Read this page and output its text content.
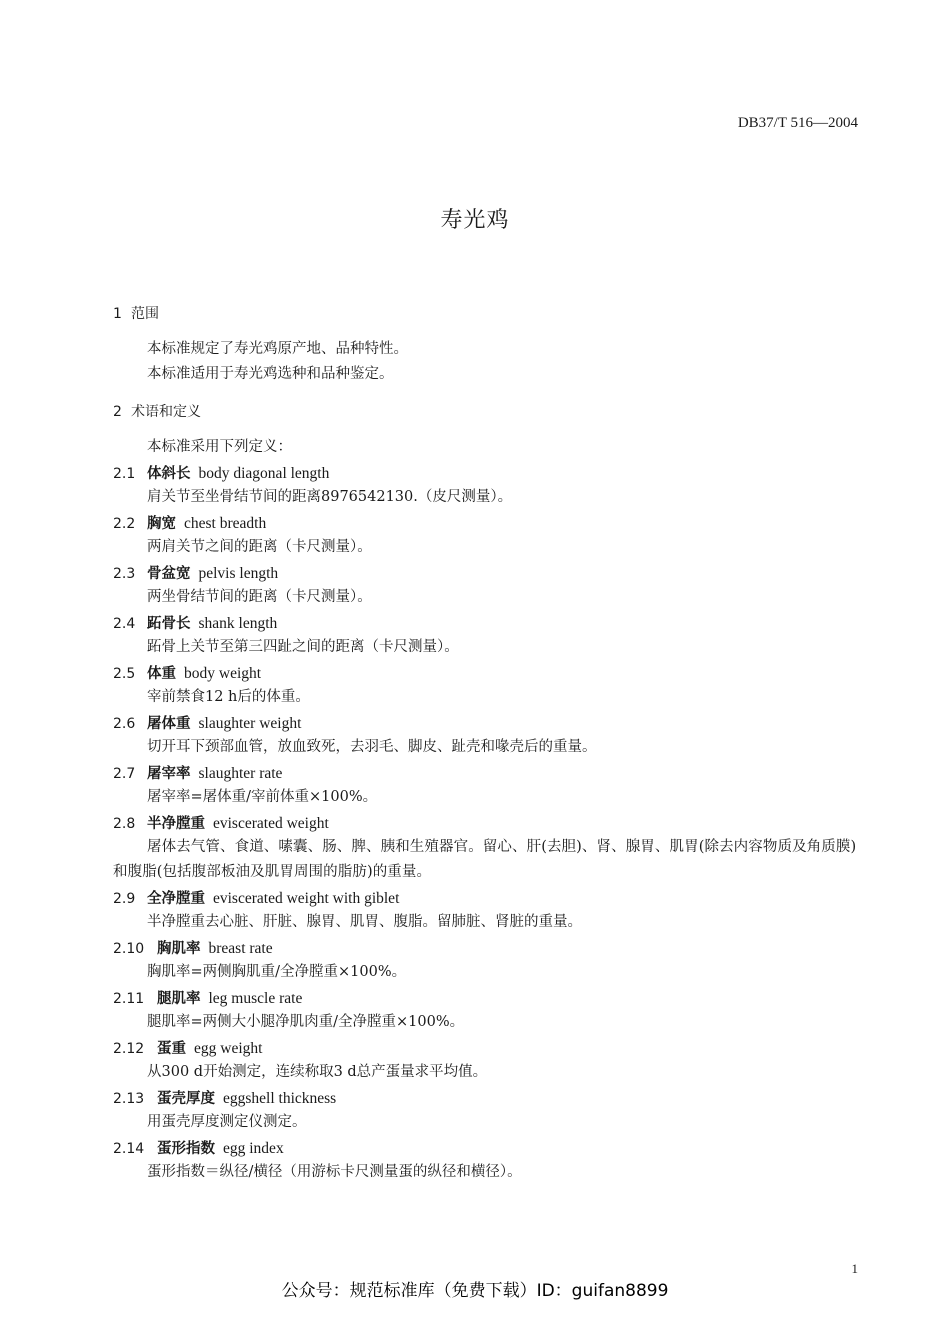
DB37/T 516—2004
寿光鸡
1 范围
本标准规定了寿光鸡原产地、品种特性。
本标准适用于寿光鸡选种和品种鉴定。
2 术语和定义
本标准采用下列定义：
2.1 体斜长 body diagonal length
肩关节至坐骨结节间的距离8976542130.（皮尺测量）。
2.2 胸宽 chest breadth
两肩关节之间的距离（卡尺测量）。
2.3 骨盆宽 pelvis length
两坐骨结节间的距离（卡尺测量）。
2.4 跖骨长 shank length
跖骨上关节至第三四趾之间的距离（卡尺测量）。
2.5 体重 body weight
宰前禁食12 h后的体重。
2.6 屠体重 slaughter weight
切开耳下颈部血管，放血致死，去羽毛、脚皮、趾壳和喙壳后的重量。
2.7 屠宰率 slaughter rate
屠宰率=屠体重/宰前体重×100%。
2.8 半净膛重 eviscerated weight
屠体去气管、食道、嗉囊、肠、脾、胰和生殖器官。留心、肝(去胆)、肾、腺胃、肌胃(除去内容物质及角质膜)和腹脂(包括腹部板油及肌胃周围的脂肪)的重量。
2.9 全净膛重 eviscerated weight with giblet
半净膛重去心脏、肝脏、腺胃、肌胃、腹脂。留肺脏、肾脏的重量。
2.10 胸肌率 breast rate
胸肌率=两侧胸肌重/全净膛重×100%。
2.11 腿肌率 leg muscle rate
腿肌率=两侧大小腿净肌肉重/全净膛重×100%。
2.12 蛋重 egg weight
从300 d开始测定，连续称取3 d总产蛋量求平均值。
2.13 蛋壳厚度 eggshell thickness
用蛋壳厚度测定仪测定。
2.14 蛋形指数 egg index
蛋形指数＝纵径/横径（用游标卡尺测量蛋的纵径和横径）。
1
公众号：规范标准库（免费下载）ID：guifan8899
